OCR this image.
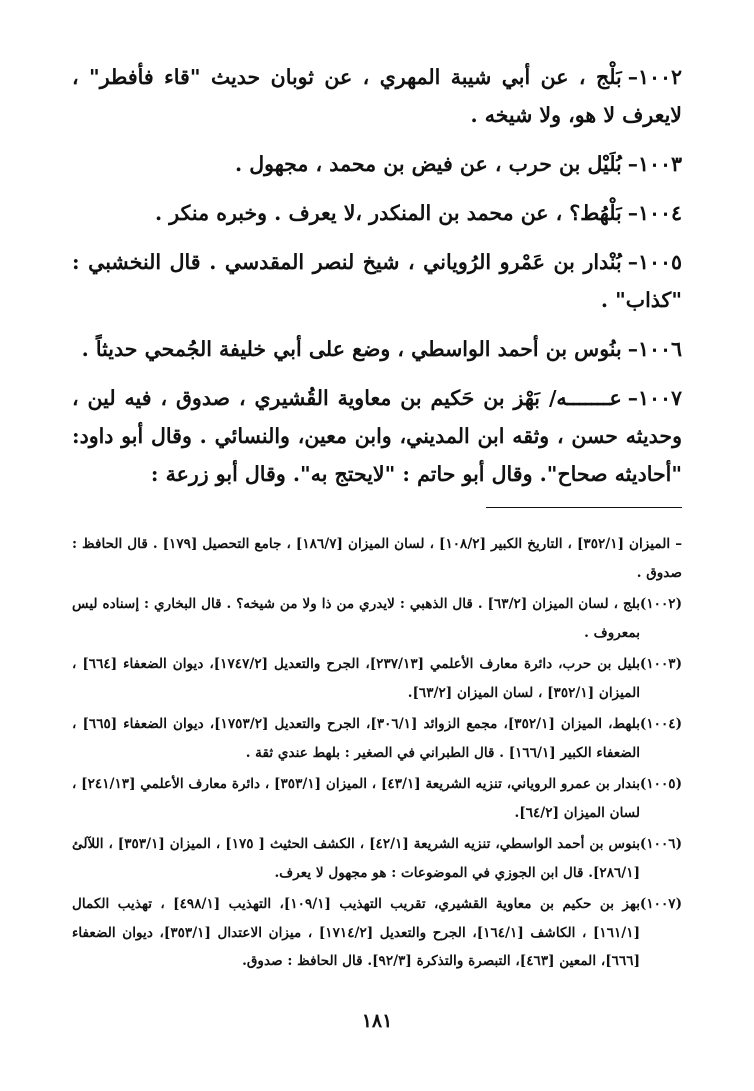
١٠٠٢–بَلْج ، عن أبي شيبة المهري ، عن ثوبان حديث "قاء فأفطر" ، لايعرف لا هو، ولا شيخه .

١٠٠٣–بُلَيْل بن حرب ، عن فيض بن محمد ، مجهول .

١٠٠٤–بَلْهُط؟ ، عن محمد بن المنكدر ،لا يعرف . وخبره منكر .

١٠٠٥–بُنْدار بن عَمْرو الرُوياني ، شيخ لنصر المقدسي . قال النخشبي : "كذاب" .

١٠٠٦–بنُوس بن أحمد الواسطي ، وضع على أبي خليفة الجُمحي حديثاً .

١٠٠٧–عـــــــه/ بَهْز بن حَكيم بن معاوية القُشيري ، صدوق ، فيه لين ، وحديثه حسن ، وثقه ابن المديني، وابن معين، والنسائي . وقال أبو داود: "أحاديثه صحاح". وقال أبو حاتم : "لايحتج به". وقال أبو زرعة :

– الميزان [٣٥٢/١] ، التاريخ الكبير [١٠٨/٢] ، لسان الميزان [١٨٦/٧] ، جامع التحصيل [١٧٩] . قال الحافظ : صدوق .

(١٠٠٢)
بلج ، لسان الميزان [٦٣/٢] . قال الذهبي : لايدري من ذا ولا من شيخه؟ . قال البخاري : إسناده ليس بمعروف .

(١٠٠٣)
بليل بن حرب، دائرة معارف الأعلمي [٢٣٧/١٣]، الجرح والتعديل [١٧٤٧/٢]، ديوان الضعفاء [٦٦٤] ، الميزان [٣٥٢/١] ، لسان الميزان [٦٣/٢].

(١٠٠٤)
بلهط، الميزان [٣٥٢/١]، مجمع الزوائد [٣٠٦/١]، الجرح والتعديل [١٧٥٣/٢]، ديوان الضعفاء [٦٦٥] ، الضعفاء الكبير [١٦٦/١] . قال الطبراني في الصغير : بلهط عندي ثقة .

(١٠٠٥)
بندار بن عمرو الروياني، تنزيه الشريعة [٤٣/١] ، الميزان [٣٥٣/١] ، دائرة معارف الأعلمي [٢٤١/١٣] ، لسان الميزان [٦٤/٢].

(١٠٠٦)
بنوس بن أحمد الواسطي، تنزيه الشريعة [٤٢/١] ، الكشف الحثيث [ ١٧٥] ، الميزان [٣٥٣/١] ، اللآلئ [٢٨٦/١]. قال ابن الجوزي في الموضوعات : هو مجهول لا يعرف.

(١٠٠٧)
بهز بن حكيم بن معاوية القشيري، تقريب التهذيب [١٠٩/١]، التهذيب [٤٩٨/١] ، تهذيب الكمال [١٦١/١] ، الكاشف [١٦٤/١]، الجرح والتعديل [١٧١٤/٢] ، ميزان الاعتدال [٣٥٣/١]، ديوان الضعفاء [٦٦٦]، المعين [٤٦٣]، التبصرة والتذكرة [٩٢/٣]. قال الحافظ : صدوق.

١٨١
